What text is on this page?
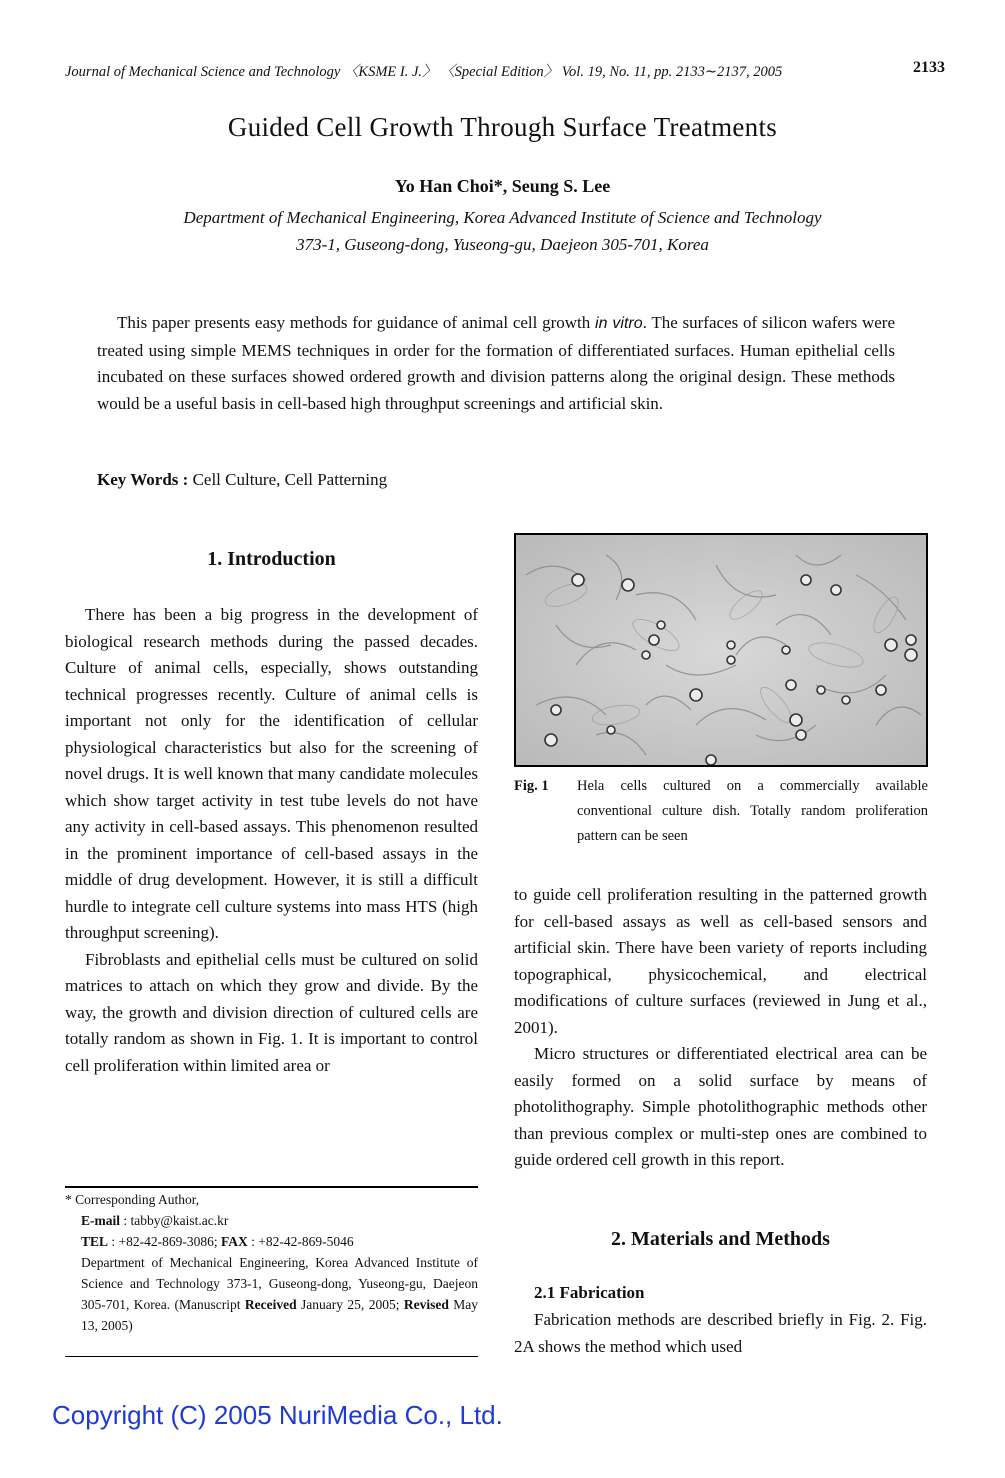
Journal of Mechanical Science and Technology 〈KSME I. J.〉 〈Special Edition〉 Vol. 19, No. 11, pp. 2133∼2137, 2005	2133
Guided Cell Growth Through Surface Treatments
Yo Han Choi*, Seung S. Lee
Department of Mechanical Engineering, Korea Advanced Institute of Science and Technology
373-1, Guseong-dong, Yuseong-gu, Daejeon 305-701, Korea
This paper presents easy methods for guidance of animal cell growth in vitro. The surfaces of silicon wafers were treated using simple MEMS techniques in order for the formation of differentiated surfaces. Human epithelial cells incubated on these surfaces showed ordered growth and division patterns along the original design. These methods would be a useful basis in cell-based high throughput screenings and artificial skin.
Key Words : Cell Culture, Cell Patterning
1. Introduction

There has been a big progress in the development of biological research methods during the passed decades. Culture of animal cells, especially, shows outstanding technical progresses recently. Culture of animal cells is important not only for the identification of cellular physiological characteristics but also for the screening of novel drugs. It is well known that many candidate molecules which show target activity in test tube levels do not have any activity in cell-based assays. This phenomenon resulted in the prominent importance of cell-based assays in the middle of drug development. However, it is still a difficult hurdle to integrate cell culture systems into mass HTS (high throughput screening).

Fibroblasts and epithelial cells must be cultured on solid matrices to attach on which they grow and divide. By the way, the growth and division direction of cultured cells are totally random as shown in Fig. 1. It is important to control cell proliferation within limited area or

* Corresponding Author,
E-mail : tabby@kaist.ac.kr
TEL : +82-42-869-3086; FAX : +82-42-869-5046
Department of Mechanical Engineering, Korea Advanced Institute of Science and Technology 373-1, Guseong-dong, Yuseong-gu, Daejeon 305-701, Korea. (Manuscript Received January 25, 2005; Revised May 13, 2005)
Fig. 1 Hela cells cultured on a commercially available conventional culture dish. Totally random proliferation pattern can be seen

to guide cell proliferation resulting in the patterned growth for cell-based assays as well as cell-based sensors and artificial skin. There have been variety of reports including topographical, physicochemical, and electrical modifications of culture surfaces (reviewed in Jung et al., 2001).

Micro structures or differentiated electrical area can be easily formed on a solid surface by means of photolithography. Simple photolithographic methods other than previous complex or multi-step ones are combined to guide ordered cell growth in this report.

2. Materials and Methods
2.1 Fabrication

Fabrication methods are described briefly in Fig. 2. Fig. 2A shows the method which used

Copyright (C) 2005 NuriMedia Co., Ltd.
